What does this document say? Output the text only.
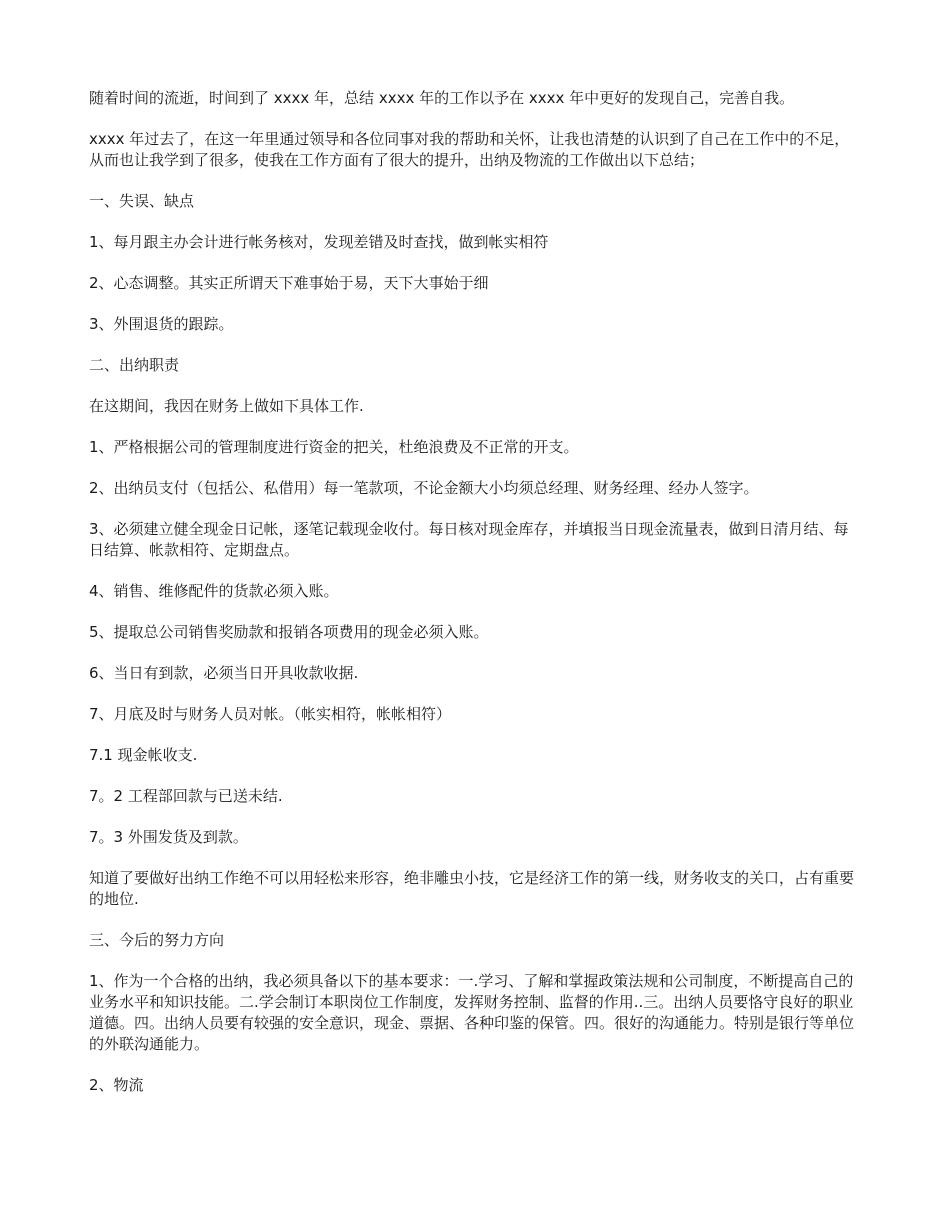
随着时间的流逝，时间到了 xxxx 年，总结 xxxx 年的工作以予在 xxxx 年中更好的发现自己，完善自我。

xxxx 年过去了，在这一年里通过领导和各位同事对我的帮助和关怀，让我也清楚的认识到了自己在工作中的不足，从而也让我学到了很多，使我在工作方面有了很大的提升，出纳及物流的工作做出以下总结；

一、失误、缺点

1、每月跟主办会计进行帐务核对，发现差错及时查找，做到帐实相符

2、心态调整。其实正所谓天下难事始于易，天下大事始于细

3、外围退货的跟踪。

二、出纳职责

在这期间，我因在财务上做如下具体工作.

1、严格根据公司的管理制度进行资金的把关，杜绝浪费及不正常的开支。

2、出纳员支付（包括公、私借用）每一笔款项，不论金额大小均须总经理、财务经理、经办人签字。

3、必须建立健全现金日记帐，逐笔记载现金收付。每日核对现金库存，并填报当日现金流量表，做到日清月结、每日结算、帐款相符、定期盘点。

4、销售、维修配件的货款必须入账。

5、提取总公司销售奖励款和报销各项费用的现金必须入账。

6、当日有到款，必须当日开具收款收据.

7、月底及时与财务人员对帐。（帐实相符，帐帐相符）

7.1 现金帐收支.

7。2 工程部回款与已送未结.

7。3 外围发货及到款。

知道了要做好出纳工作绝不可以用轻松来形容，绝非雕虫小技，它是经济工作的第一线，财务收支的关口，占有重要的地位.

三、今后的努力方向

1、作为一个合格的出纳，我必须具备以下的基本要求：一.学习、了解和掌握政策法规和公司制度，不断提高自己的业务水平和知识技能。二.学会制订本职岗位工作制度，发挥财务控制、监督的作用..三。出纳人员要恪守良好的职业道德。四。出纳人员要有较强的安全意识，现金、票据、各种印鉴的保管。四。很好的沟通能力。特别是银行等单位的外联沟通能力。

2、物流
